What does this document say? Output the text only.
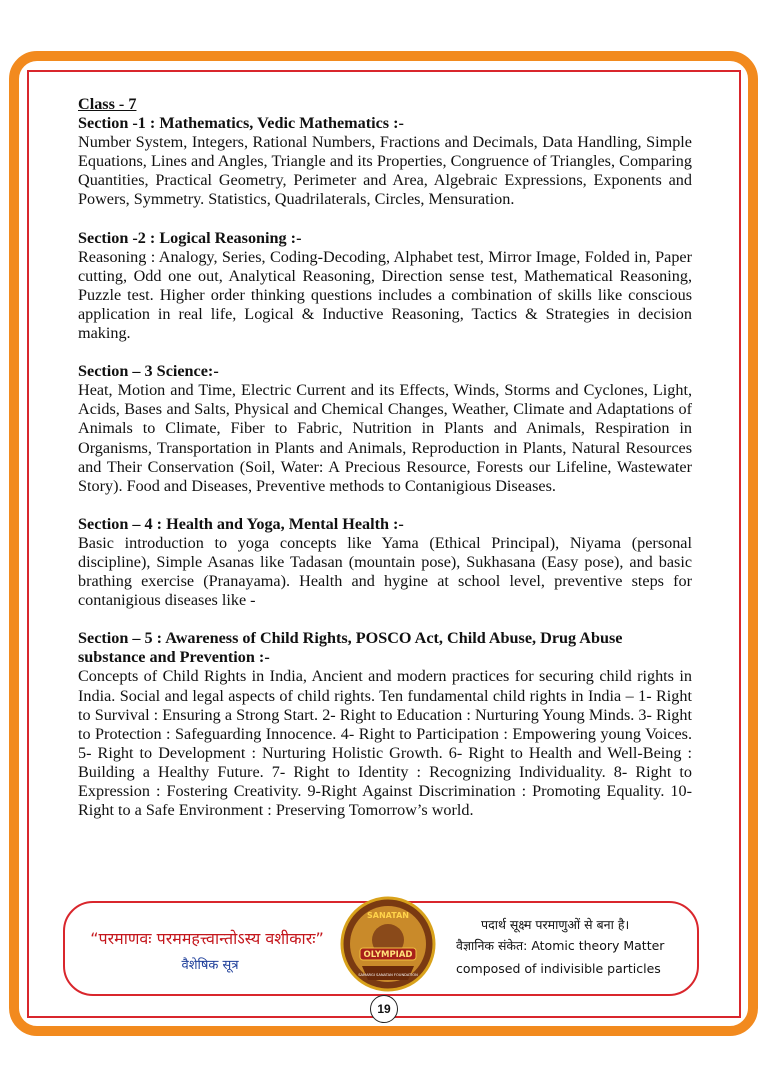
Class - 7
Section -1 : Mathematics, Vedic Mathematics :-
Number System, Integers, Rational Numbers, Fractions and Decimals, Data Handling, Simple Equations, Lines and Angles, Triangle and its Properties, Congruence of Triangles, Comparing Quantities, Practical Geometry, Perimeter and Area, Algebraic Expressions, Exponents and Powers, Symmetry. Statistics, Quadrilaterals, Circles, Mensuration.
Section -2 : Logical Reasoning :-
Reasoning : Analogy, Series, Coding-Decoding, Alphabet test, Mirror Image, Folded in, Paper cutting, Odd one out, Analytical Reasoning, Direction sense test, Mathematical Reasoning, Puzzle test. Higher order thinking questions includes a combination of skills like conscious application in real life, Logical & Inductive Reasoning, Tactics & Strategies in decision making.
Section – 3 Science:-
Heat, Motion and Time, Electric Current and its Effects, Winds, Storms and Cyclones, Light, Acids, Bases and Salts, Physical and Chemical Changes, Weather, Climate and Adaptations of Animals to Climate, Fiber to Fabric, Nutrition in Plants and Animals, Respiration in Organisms, Transportation in Plants and Animals, Reproduction in Plants, Natural Resources and Their Conservation (Soil, Water: A Precious Resource, Forests our Lifeline, Wastewater Story). Food and Diseases, Preventive methods to Contanigious Diseases.
Section – 4 : Health and Yoga, Mental Health :-
Basic introduction to yoga concepts like Yama (Ethical Principal), Niyama (personal discipline), Simple Asanas like Tadasan (mountain pose), Sukhasana (Easy pose), and basic brathing exercise (Pranayama). Health and hygine at school level, preventive steps for contanigious diseases like -
Section – 5 : Awareness of Child Rights, POSCO Act, Child Abuse, Drug Abuse substance and Prevention :-
Concepts of Child Rights in India, Ancient and modern practices for securing child rights in India. Social and legal aspects of child rights. Ten fundamental child rights in India – 1- Right to Survival : Ensuring a Strong Start. 2- Right to Education : Nurturing Young Minds. 3- Right to Protection : Safeguarding Innocence. 4- Right to Participation : Empowering young Voices. 5- Right to Development : Nurturing Holistic Growth. 6- Right to Health and Well-Being : Building a Healthy Future. 7- Right to Identity : Recognizing Individuality. 8- Right to Expression : Fostering Creativity. 9-Right Against Discrimination : Promoting Equality. 10- Right to a Safe Environment : Preserving Tomorrow’s world.
“परमाणवः परममहत्त्वान्तोऽस्य वशीकारः”
वैशेषिक सूत्र
SANATAN
OLYMPIAD
SAMARGI SANATAN FOUNDATION
पदार्थ सूक्ष्म परमाणुओं से बना है।
वैज्ञानिक संकेत: Atomic theory Matter
composed of indivisible particles
19
